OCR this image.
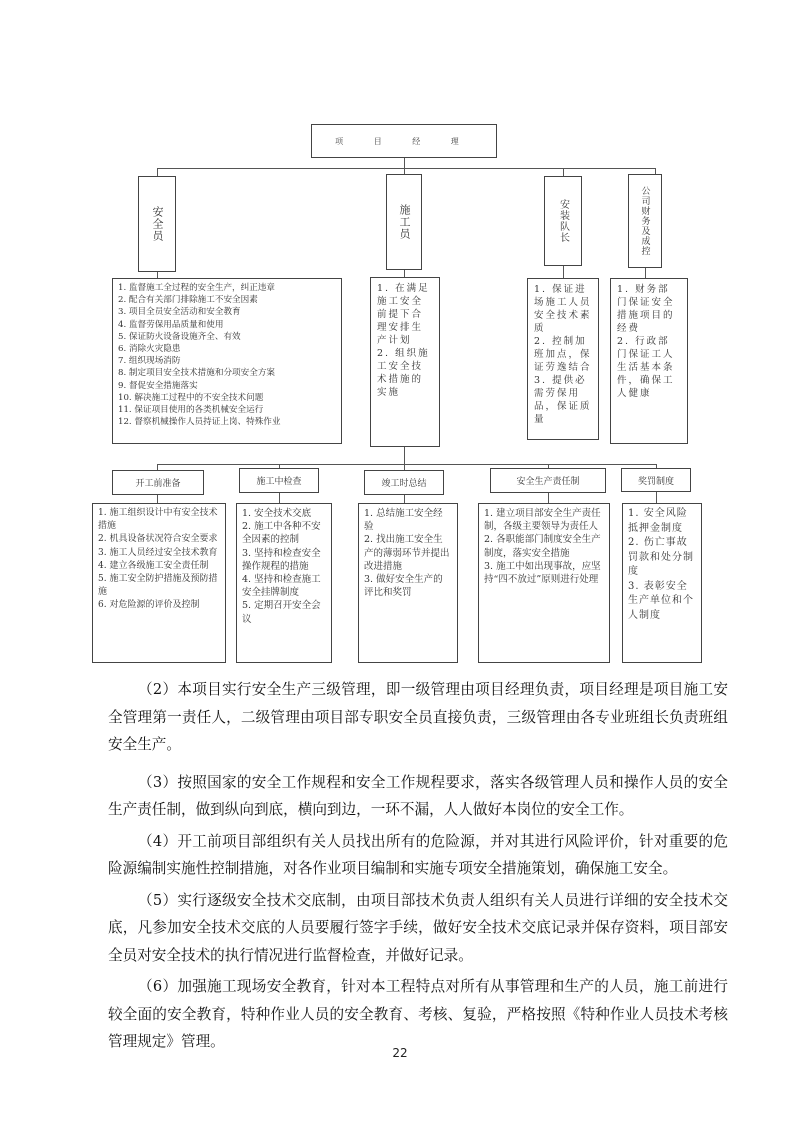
项 目 经 理
安全员	施工员	安装队长	公司财务及成控
1. 监督施工全过程的安全生产，纠正违章
2. 配合有关部门排除施工不安全因素
3. 项目全员安全活动和安全教育
4. 监督劳保用品质量和使用
5. 保证防火设备设施齐全、有效
6. 消除火灾隐患
7. 组织现场消防
8. 制定项目安全技术措施和分项安全方案
9. 督促安全措施落实
10. 解决施工过程中的不安全技术问题
11. 保证项目使用的各类机械安全运行
12. 督察机械操作人员持证上岗、特殊作业
1. 在满足施工安全前提下合理安排生产计划
2. 组织施工安全技术措施的实施
1. 保证进场施工人员安全技术素质
2. 控制加班加点，保证劳逸结合
3. 提供必需劳保用品，保证质量
1. 财务部门保证安全措施项目的经费
2. 行政部门保证工人生活基本条件，确保工人健康
开工前准备	施工中检查	竣工时总结	安全生产责任制	奖罚制度
1. 施工组织设计中有安全技术措施
2. 机具设备状况符合安全要求
3. 施工人员经过安全技术教育
4. 建立各级施工安全责任制
5. 施工安全防护措施及预防措施
6. 对危险源的评价及控制
1. 安全技术交底
2. 施工中各种不安全因素的控制
3. 坚持和检查安全操作规程的措施
4. 坚持和检查施工安全挂牌制度
5. 定期召开安全会议
1. 总结施工安全经验
2. 找出施工安全生产的薄弱环节并提出改进措施
3. 做好安全生产的评比和奖罚
1. 建立项目部安全生产责任制，各级主要领导为责任人
2. 各职能部门制度安全生产制度，落实安全措施
3. 施工中如出现事故，应坚持“四不放过”原则进行处理
1. 安全风险抵押金制度
2. 伤亡事故罚款和处分制度
3. 表彰安全生产单位和个人制度

（2）本项目实行安全生产三级管理，即一级管理由项目经理负责，项目经理是项目施工安全管理第一责任人，二级管理由项目部专职安全员直接负责，三级管理由各专业班组长负责班组安全生产。

（3）按照国家的安全工作规程和安全工作规程要求，落实各级管理人员和操作人员的安全生产责任制，做到纵向到底，横向到边，一环不漏，人人做好本岗位的安全工作。

（4）开工前项目部组织有关人员找出所有的危险源，并对其进行风险评价，针对重要的危险源编制实施性控制措施，对各作业项目编制和实施专项安全措施策划，确保施工安全。

（5）实行逐级安全技术交底制，由项目部技术负责人组织有关人员进行详细的安全技术交底，凡参加安全技术交底的人员要履行签字手续，做好安全技术交底记录并保存资料，项目部安全员对安全技术的执行情况进行监督检查，并做好记录。

（6）加强施工现场安全教育，针对本工程特点对所有从事管理和生产的人员，施工前进行较全面的安全教育，特种作业人员的安全教育、考核、复验，严格按照《特种作业人员技术考核管理规定》管理。

22
